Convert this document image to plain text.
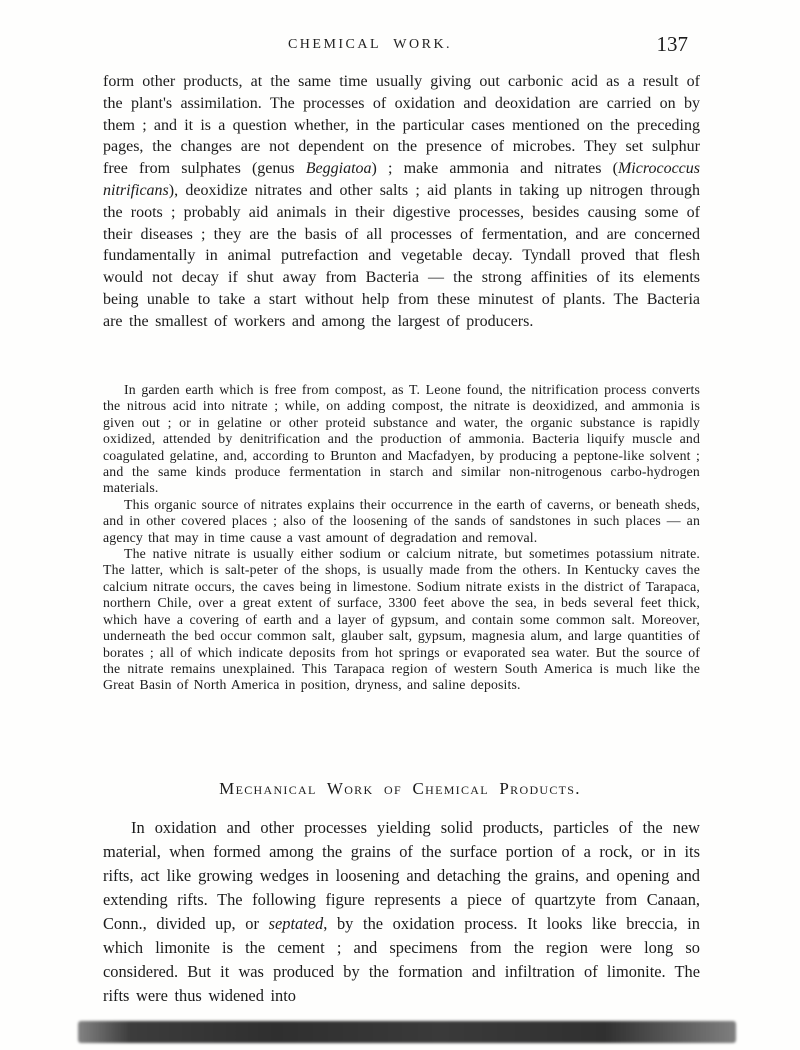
CHEMICAL WORK.	137

form other products, at the same time usually giving out carbonic acid as a result of the plant's assimilation. The processes of oxidation and deoxidation are carried on by them ; and it is a question whether, in the particular cases mentioned on the preceding pages, the changes are not dependent on the presence of microbes. They set sulphur free from sulphates (genus Beggiatoa) ; make ammonia and nitrates (Micrococcus nitrificans), deoxidize nitrates and other salts ; aid plants in taking up nitrogen through the roots ; probably aid animals in their digestive processes, besides causing some of their diseases ; they are the basis of all processes of fermentation, and are concerned fundamentally in animal putrefaction and vegetable decay. Tyndall proved that flesh would not decay if shut away from Bacteria — the strong affinities of its elements being unable to take a start without help from these minutest of plants. The Bacteria are the smallest of workers and among the largest of producers.

In garden earth which is free from compost, as T. Leone found, the nitrification process converts the nitrous acid into nitrate ; while, on adding compost, the nitrate is deoxidized, and ammonia is given out ; or in gelatine or other proteid substance and water, the organic substance is rapidly oxidized, attended by denitrification and the production of ammonia. Bacteria liquify muscle and coagulated gelatine, and, according to Brunton and Macfadyen, by producing a peptone-like solvent ; and the same kinds produce fermentation in starch and similar non-nitrogenous carbo-hydrogen materials.

This organic source of nitrates explains their occurrence in the earth of caverns, or beneath sheds, and in other covered places ; also of the loosening of the sands of sandstones in such places — an agency that may in time cause a vast amount of degradation and removal.

The native nitrate is usually either sodium or calcium nitrate, but sometimes potassium nitrate. The latter, which is salt-peter of the shops, is usually made from the others. In Kentucky caves the calcium nitrate occurs, the caves being in limestone. Sodium nitrate exists in the district of Tarapaca, northern Chile, over a great extent of surface, 3300 feet above the sea, in beds several feet thick, which have a covering of earth and a layer of gypsum, and contain some common salt. Moreover, underneath the bed occur common salt, glauber salt, gypsum, magnesia alum, and large quantities of borates ; all of which indicate deposits from hot springs or evaporated sea water. But the source of the nitrate remains unexplained. This Tarapaca region of western South America is much like the Great Basin of North America in position, dryness, and saline deposits.

Mechanical Work of Chemical Products.

In oxidation and other processes yielding solid products, particles of the new material, when formed among the grains of the surface portion of a rock, or in its rifts, act like growing wedges in loosening and detaching the grains, and opening and extending rifts. The following figure represents a piece of quartzyte from Canaan, Conn., divided up, or septated, by the oxidation process. It looks like breccia, in which limonite is the cement ; and specimens from the region were long so considered. But it was produced by the formation and infiltration of limonite. The rifts were thus widened into
